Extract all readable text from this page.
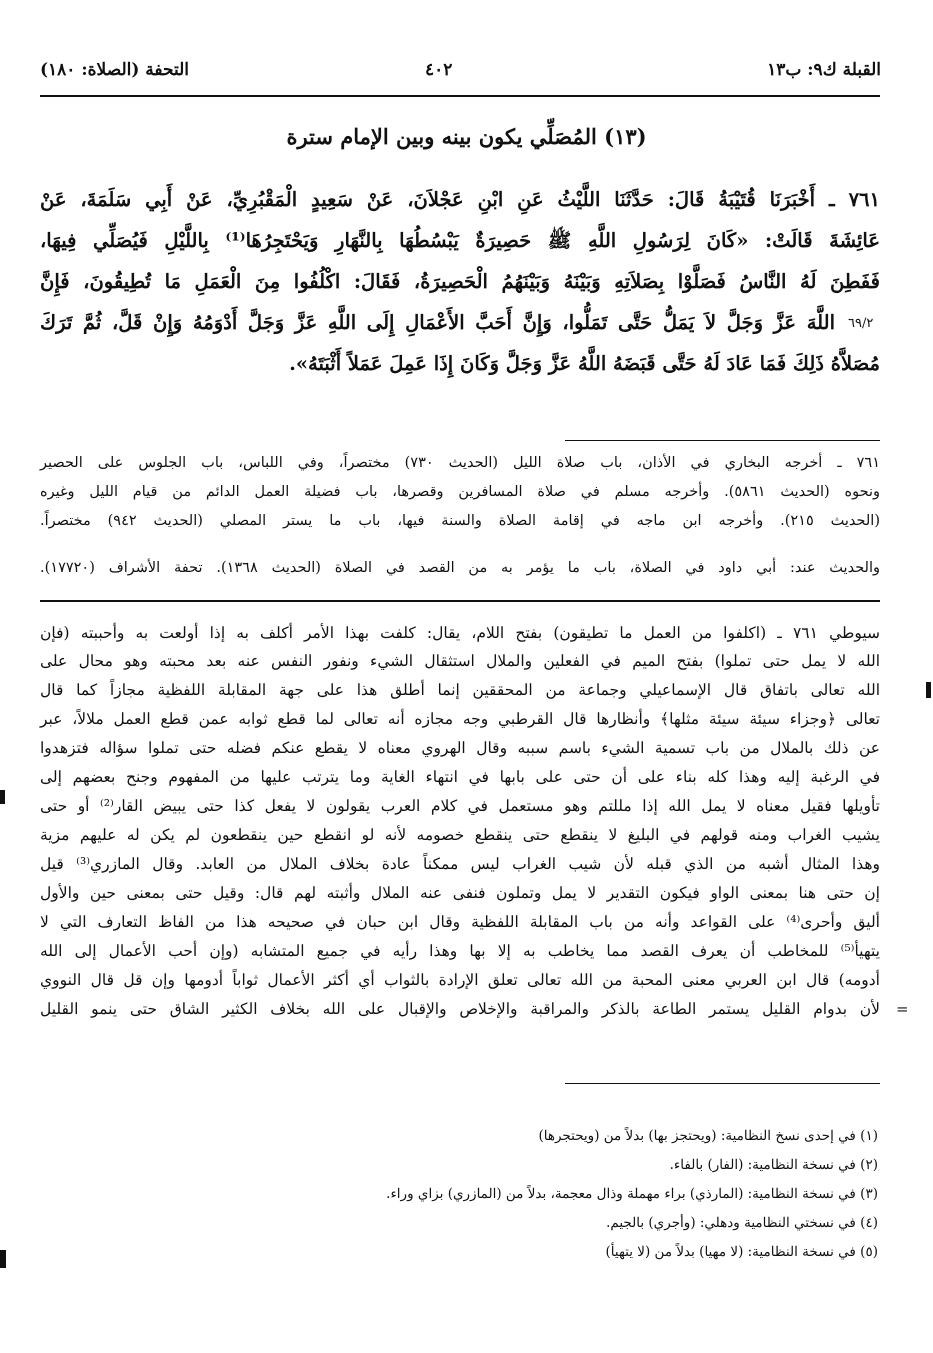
القبلة ك٩: ب١٣
٤٠٢
التحفة (الصلاة: ١٨٠)
(١٣) المُصَلِّي يكون بينه وبين الإمام سترة
٧٦١ ـ أَخْبَرَنَا قُتَيْبَةُ قَالَ: حَدَّثَنَا اللَّيْثُ عَنِ ابْنِ عَجْلاَنَ، عَنْ سَعِيدٍ الْمَقْبُرِيِّ، عَنْ أَبِي سَلَمَةَ، عَنْ
عَائِشَةَ قَالَتْ: «كَانَ لِرَسُولِ اللَّهِ ﷺ حَصِيرَةٌ يَبْسُطُهَا بِالنَّهَارِ وَيَحْتَجِرُهَا⁽¹⁾ بِاللَّيْلِ فَيُصَلِّي فِيهَا،
فَفَطِنَ لَهُ النَّاسُ فَصَلَّوْا بِصَلاَتِهِ وَبَيْنَهُ وَبَيْنَهُمُ الْحَصِيرَةُ، فَقَالَ: اكْلُفُوا مِنَ الْعَمَلِ مَا تُطِيقُونَ، فَإِنَّ
اللَّهَ عَزَّ وَجَلَّ لاَ يَمَلُّ حَتَّى تَمَلُّوا، وَإِنَّ أَحَبَّ الأَعْمَالِ إِلَى اللَّهِ عَزَّ وَجَلَّ أَدْوَمُهُ وَإِنْ قَلَّ، ثُمَّ تَرَكَ ٦٩/٢
مُصَلاَّهُ ذَلِكَ فَمَا عَادَ لَهُ حَتَّى قَبَضَهُ اللَّهُ عَزَّ وَجَلَّ وَكَانَ إِذَا عَمِلَ عَمَلاً أَثْبَتَهُ».
٧٦١ ـ أخرجه البخاري في الأذان، باب صلاة الليل (الحديث ٧٣٠) مختصراً، وفي اللباس، باب الجلوس على الحصير
ونحوه (الحديث ٥٨٦١). وأخرجه مسلم في صلاة المسافرين وقصرها، باب فضيلة العمل الدائم من قيام الليل وغيره
(الحديث ٢١٥). وأخرجه ابن ماجه في إقامة الصلاة والسنة فيها، باب ما يستر المصلي (الحديث ٩٤٢) مختصراً.
والحديث عند: أبي داود في الصلاة، باب ما يؤمر به من القصد في الصلاة (الحديث ١٣٦٨). تحفة الأشراف (١٧٧٢٠).
سيوطي ٧٦١ ـ (اكلفوا من العمل ما تطيقون) بفتح اللام، يقال: كلفت بهذا الأمر أكلف به إذا أولعت به وأحببته (فإن
الله لا يمل حتى تملوا) بفتح الميم في الفعلين والملال استثقال الشيء ونفور النفس عنه بعد محبته وهو محال على
الله تعالى باتفاق قال الإسماعيلي وجماعة من المحققين إنما أطلق هذا على جهة المقابلة اللفظية مجازاً كما قال
تعالى ﴿وجزاء سيئة سيئة مثلها﴾ وأنظارها قال القرطبي وجه مجازه أنه تعالى لما قطع ثوابه عمن قطع العمل ملالاً، عبر
عن ذلك بالملال من باب تسمية الشيء باسم سببه وقال الهروي معناه لا يقطع عنكم فضله حتى تملوا سؤاله فتزهدوا
في الرغبة إليه وهذا كله بناء على أن حتى على بابها في انتهاء الغاية وما يترتب عليها من المفهوم وجنح بعضهم إلى
تأويلها فقيل معناه لا يمل الله إذا مللتم وهو مستعمل في كلام العرب يقولون لا يفعل كذا حتى يبيض القار⁽²⁾ أو حتى
يشيب الغراب ومنه قولهم في البليغ لا ينقطع حتى ينقطع خصومه لأنه لو انقطع حين ينقطعون لم يكن له عليهم مزية
وهذا المثال أشبه من الذي قبله لأن شيب الغراب ليس ممكناً عادة بخلاف الملال من العابد. وقال المازري⁽³⁾ قيل
إن حتى هنا بمعنى الواو فيكون التقدير لا يمل وتملون فنفى عنه الملال وأثبته لهم قال: وقيل حتى بمعنى حين والأول
أليق وأحرى⁽⁴⁾ على القواعد وأنه من باب المقابلة اللفظية وقال ابن حبان في صحيحه هذا من الفاظ التعارف التي لا
يتهيأ⁽⁵⁾ للمخاطب أن يعرف القصد مما يخاطب به إلا بها وهذا رأيه في جميع المتشابه (وإن أحب الأعمال إلى الله
أدومه) قال ابن العربي معنى المحبة من الله تعالى تعلق الإرادة بالثواب أي أكثر الأعمال ثواباً أدومها وإن قل قال النووي
لأن بدوام القليل يستمر الطاعة بالذكر والمراقبة والإخلاص والإقبال على الله بخلاف الكثير الشاق حتى ينمو القليل =
(١) في إحدى نسخ النظامية: (ويحتجز بها) بدلاً من (ويحتجرها)
(٢) في نسخة النظامية: (الفار) بالفاء.
(٣) في نسخة النظامية: (المارذي) براء مهملة وذال معجمة، بدلاً من (المازري) بزاي وراء.
(٤) في نسختي النظامية ودهلي: (وأجري) بالجيم.
(٥) في نسخة النظامية: (لا مهيا) بدلاً من (لا يتهيأ)
